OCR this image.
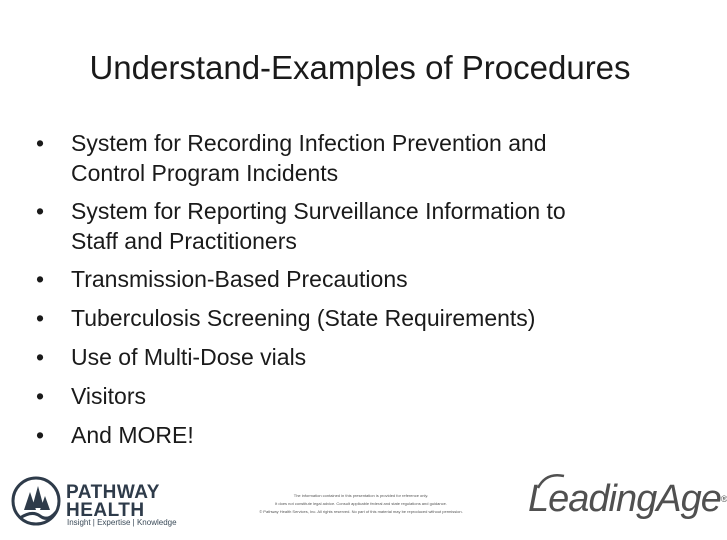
Understand-Examples of Procedures
• System for Recording Infection Prevention and
Control Program Incidents
• System for Reporting Surveillance Information to
Staff and Practitioners
• Transmission-Based Precautions
• Tuberculosis Screening (State Requirements)
• Use of Multi-Dose vials
• Visitors
• And MORE!
PATHWAY
HEALTH
Insight | Expertise | Knowledge
The information contained in this presentation is provided for reference only.
It does not constitute legal advice. Consult applicable federal and state regulations and guidance.
© Pathway Health Services, Inc. All rights reserved. No part of this material may be reproduced without permission.	LeadingAge®
